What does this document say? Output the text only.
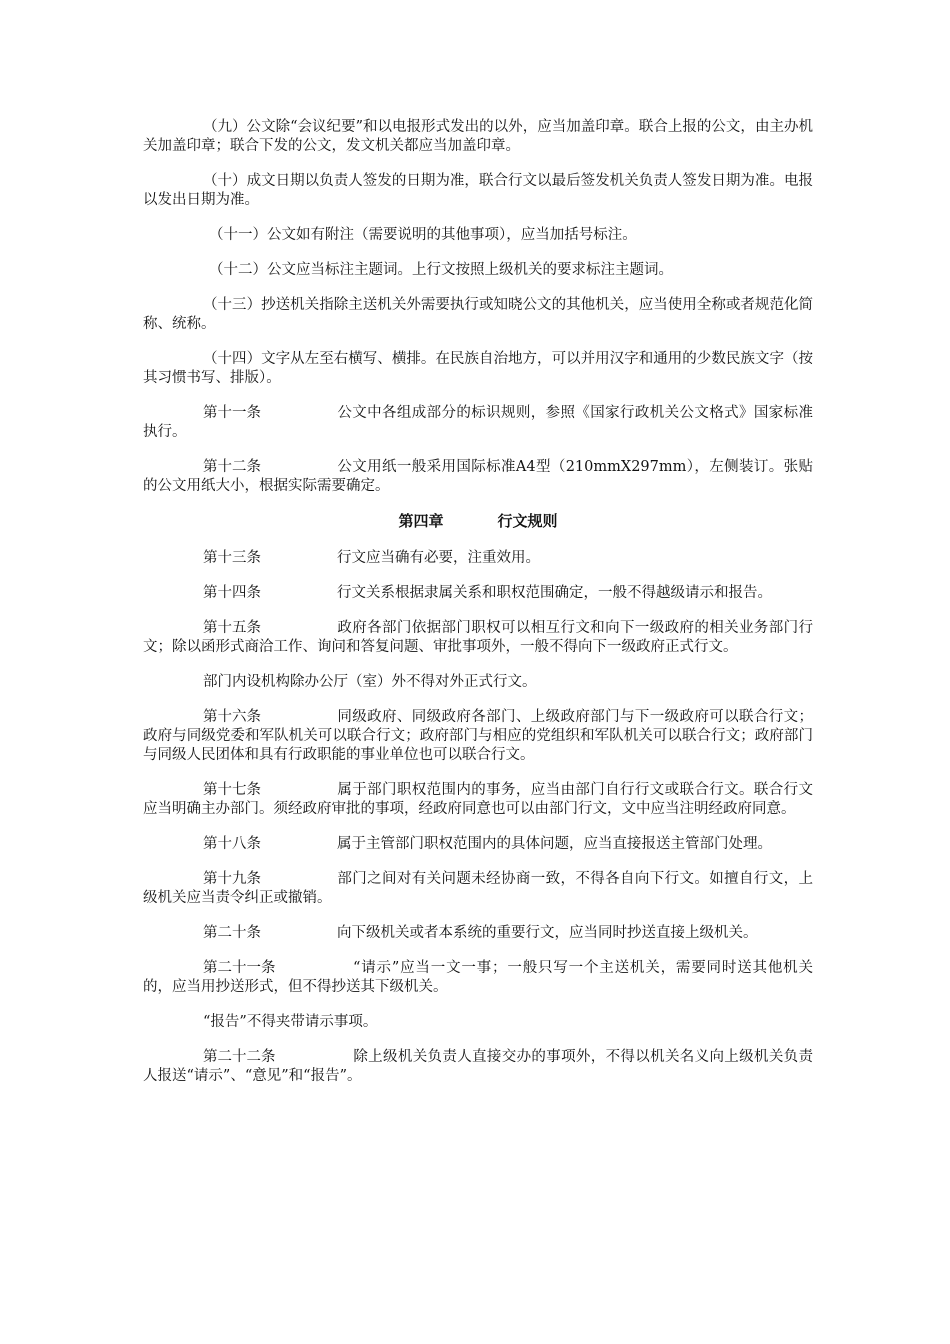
（九）公文除“会议纪要”和以电报形式发出的以外，应当加盖印章。联合上报的公文，由主办机关加盖印章；联合下发的公文，发文机关都应当加盖印章。

（十）成文日期以负责人签发的日期为准，联合行文以最后签发机关负责人签发日期为准。电报以发出日期为准。

（十一）公文如有附注（需要说明的其他事项），应当加括号标注。

（十二）公文应当标注主题词。上行文按照上级机关的要求标注主题词。

（十三）抄送机关指除主送机关外需要执行或知晓公文的其他机关，应当使用全称或者规范化简称、统称。

（十四）文字从左至右横写、横排。在民族自治地方，可以并用汉字和通用的少数民族文字（按其习惯书写、排版）。

第十一条	公文中各组成部分的标识规则，参照《国家行政机关公文格式》国家标准执行。

第十二条	公文用纸一般采用国际标准A4型（210mmX297mm），左侧装订。张贴的公文用纸大小，根据实际需要确定。

第四章	行文规则

第十三条	行文应当确有必要，注重效用。

第十四条	行文关系根据隶属关系和职权范围确定，一般不得越级请示和报告。

第十五条	政府各部门依据部门职权可以相互行文和向下一级政府的相关业务部门行文；除以函形式商洽工作、询问和答复问题、审批事项外，一般不得向下一级政府正式行文。

部门内设机构除办公厅（室）外不得对外正式行文。

第十六条	同级政府、同级政府各部门、上级政府部门与下一级政府可以联合行文；政府与同级党委和军队机关可以联合行文；政府部门与相应的党组织和军队机关可以联合行文；政府部门与同级人民团体和具有行政职能的事业单位也可以联合行文。

第十七条	属于部门职权范围内的事务，应当由部门自行行文或联合行文。联合行文应当明确主办部门。须经政府审批的事项，经政府同意也可以由部门行文，文中应当注明经政府同意。

第十八条	属于主管部门职权范围内的具体问题，应当直接报送主管部门处理。

第十九条	部门之间对有关问题未经协商一致，不得各自向下行文。如擅自行文，上级机关应当责令纠正或撤销。

第二十条	向下级机关或者本系统的重要行文，应当同时抄送直接上级机关。

第二十一条	“请示”应当一文一事；一般只写一个主送机关，需要同时送其他机关的，应当用抄送形式，但不得抄送其下级机关。

“报告”不得夹带请示事项。

第二十二条	除上级机关负责人直接交办的事项外，不得以机关名义向上级机关负责人报送“请示”、“意见”和“报告”。
